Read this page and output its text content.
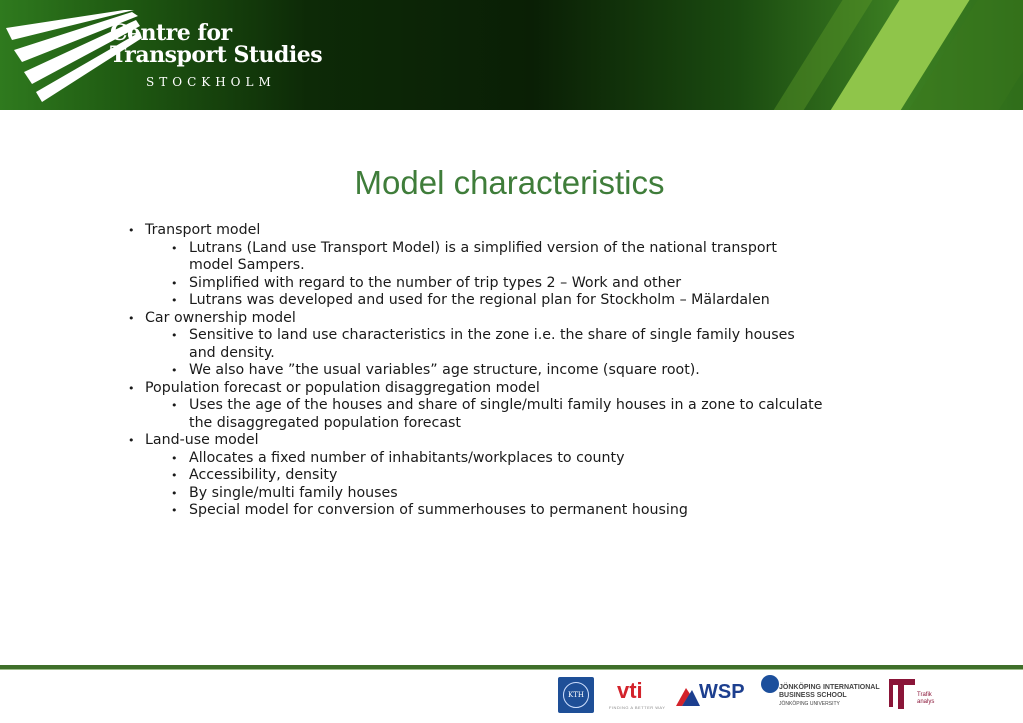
Centre for
Transport Studies
STOCKHOLM
Model characteristics
• Transport model
• Lutrans (Land use Transport Model) is a simplified version of the national transport
model Sampers.
• Simplified with regard to the number of trip types 2 – Work and other
• Lutrans was developed and used for the regional plan for Stockholm – Mälardalen
• Car ownership model
• Sensitive to land use characteristics in the zone i.e. the share of single family houses
and density.
• We also have ”the usual variables” age structure, income (square root).
• Population forecast or population disaggregation model
• Uses the age of the houses and share of single/multi family houses in a zone to calculate
the disaggregated population forecast
• Land-use model
• Allocates a fixed number of inhabitants/workplaces to county
• Accessibility, density
• By single/multi family houses
• Special model for conversion of summerhouses to permanent housing
KTH vti
FINDING A BETTER WAY
WSP	JÖNKÖPING INTERNATIONAL
BUSINESS SCHOOL
JÖNKÖPING UNIVERSITY
Trafik
analys
